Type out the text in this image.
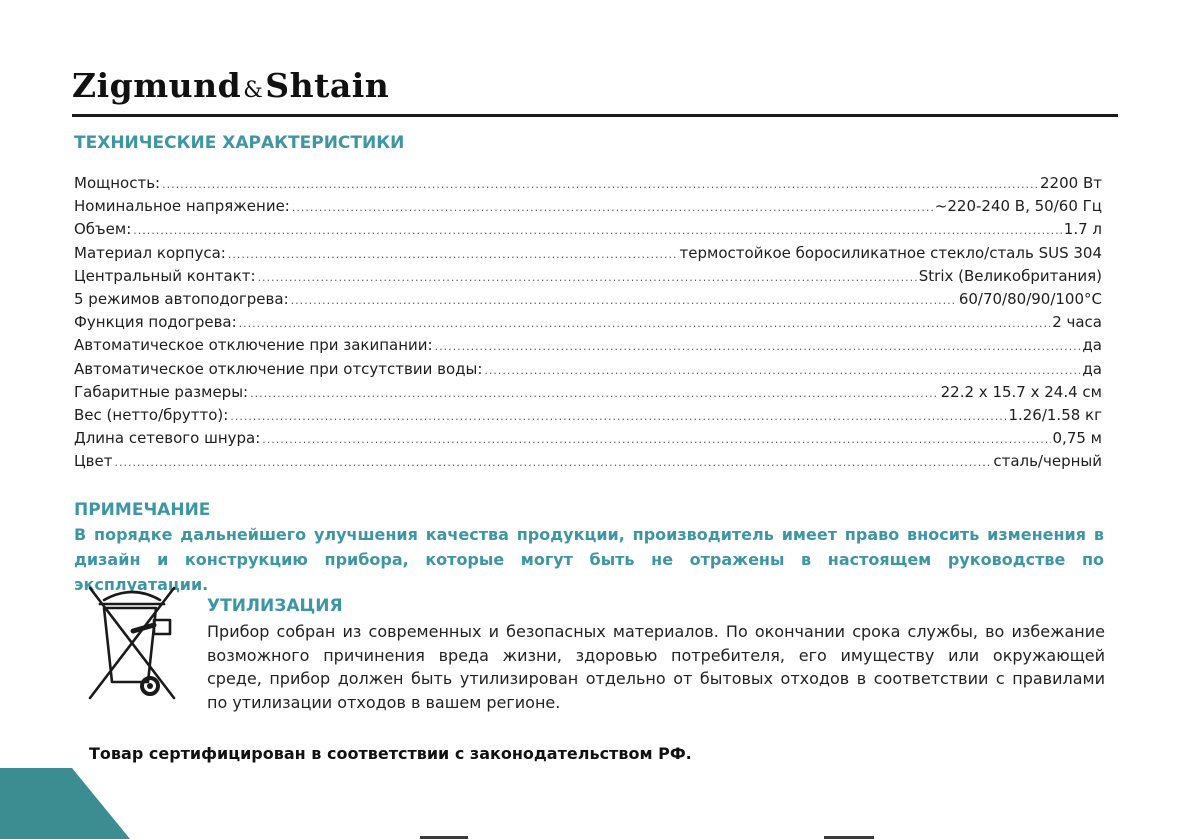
Zigmund&Shtain
ТЕХНИЧЕСКИЕ ХАРАКТЕРИСТИКИ
Мощность: .....	2200 Вт
Номинальное напряжение: .....	~220-240 В, 50/60 Гц
Объем: .....	1.7 л
Материал корпуса: .....	термостойкое боросиликатное стекло/сталь SUS 304
Центральный контакт: .....	Strix (Великобритания)
5 режимов автоподогрева: .....	60/70/80/90/100°С
Функция подогрева: .....	2 часа
Автоматическое отключение при закипании: .....	да
Автоматическое отключение при отсутствии воды: .....	да
Габаритные размеры: .....	22.2 х 15.7 х 24.4 см
Вес (нетто/брутто): .....	1.26/1.58 кг
Длина сетевого шнура: .....	0,75 м
Цвет .....	сталь/черный
ПРИМЕЧАНИЕ
В порядке дальнейшего улучшения качества продукции, производитель имеет право вносить изменения в
дизайн и конструкцию прибора, которые могут быть не отражены в настоящем руководстве по эксплуатации.
УТИЛИЗАЦИЯ
Прибор собран из современных и безопасных материалов. По окончании срока службы, во избежание
возможного причинения вреда жизни, здоровью потребителя, его имуществу или окружающей
среде, прибор должен быть утилизирован отдельно от бытовых отходов в соответствии с правилами
по утилизации отходов в вашем регионе.
Товар сертифицирован в соответствии с законодательством РФ.
